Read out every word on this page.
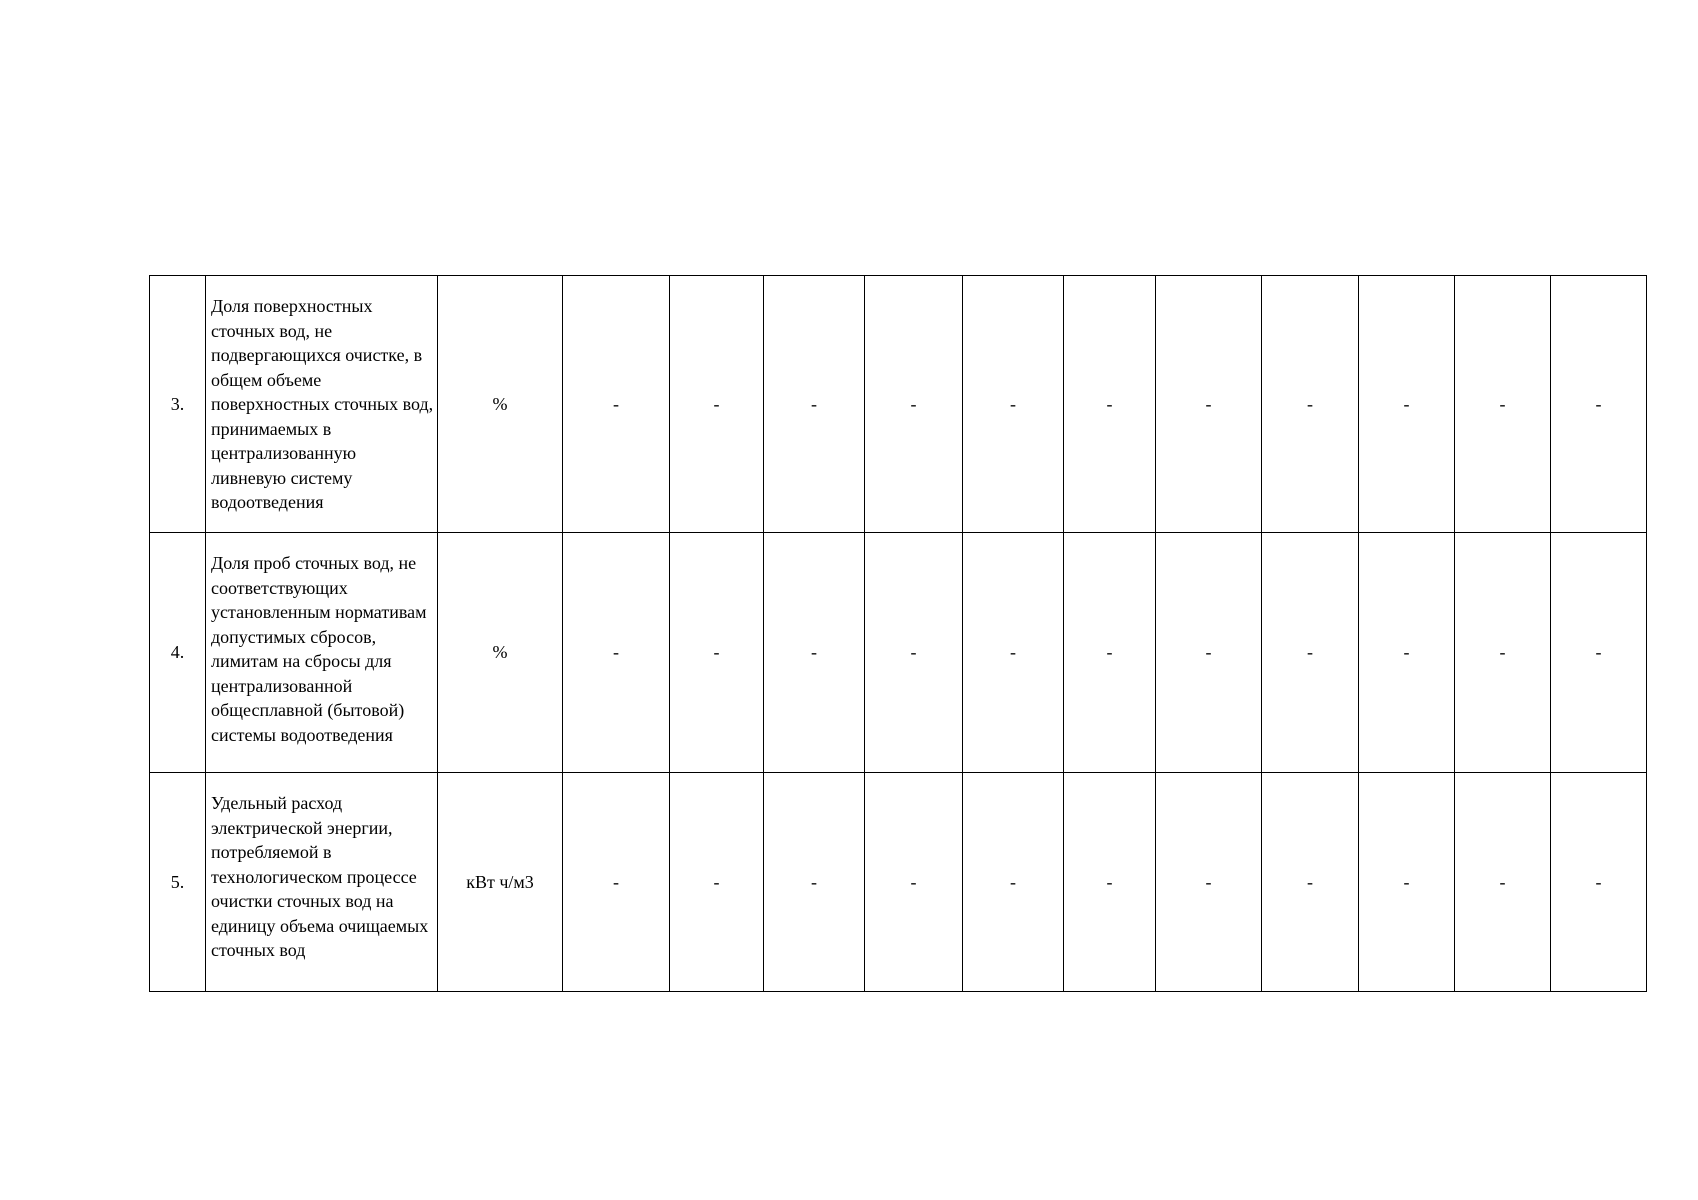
3.	Доля поверхностных сточных вод, не подвергающихся очистке, в общем объеме поверхностных сточных вод, принимаемых в централизованную ливневую систему водоотведения	%	-	-	-	-	-	-	-	-	-	-	-
4.	Доля проб сточных вод, не соответствующих установленным нормативам допустимых сбросов, лимитам на сбросы для централизованной общесплавной (бытовой) системы водоотведения	%	-	-	-	-	-	-	-	-	-	-	-
5.	Удельный расход электрической энергии, потребляемой в технологическом процессе очистки сточных вод на единицу объема очищаемых сточных вод	кВт ч/м3	-	-	-	-	-	-	-	-	-	-	-
